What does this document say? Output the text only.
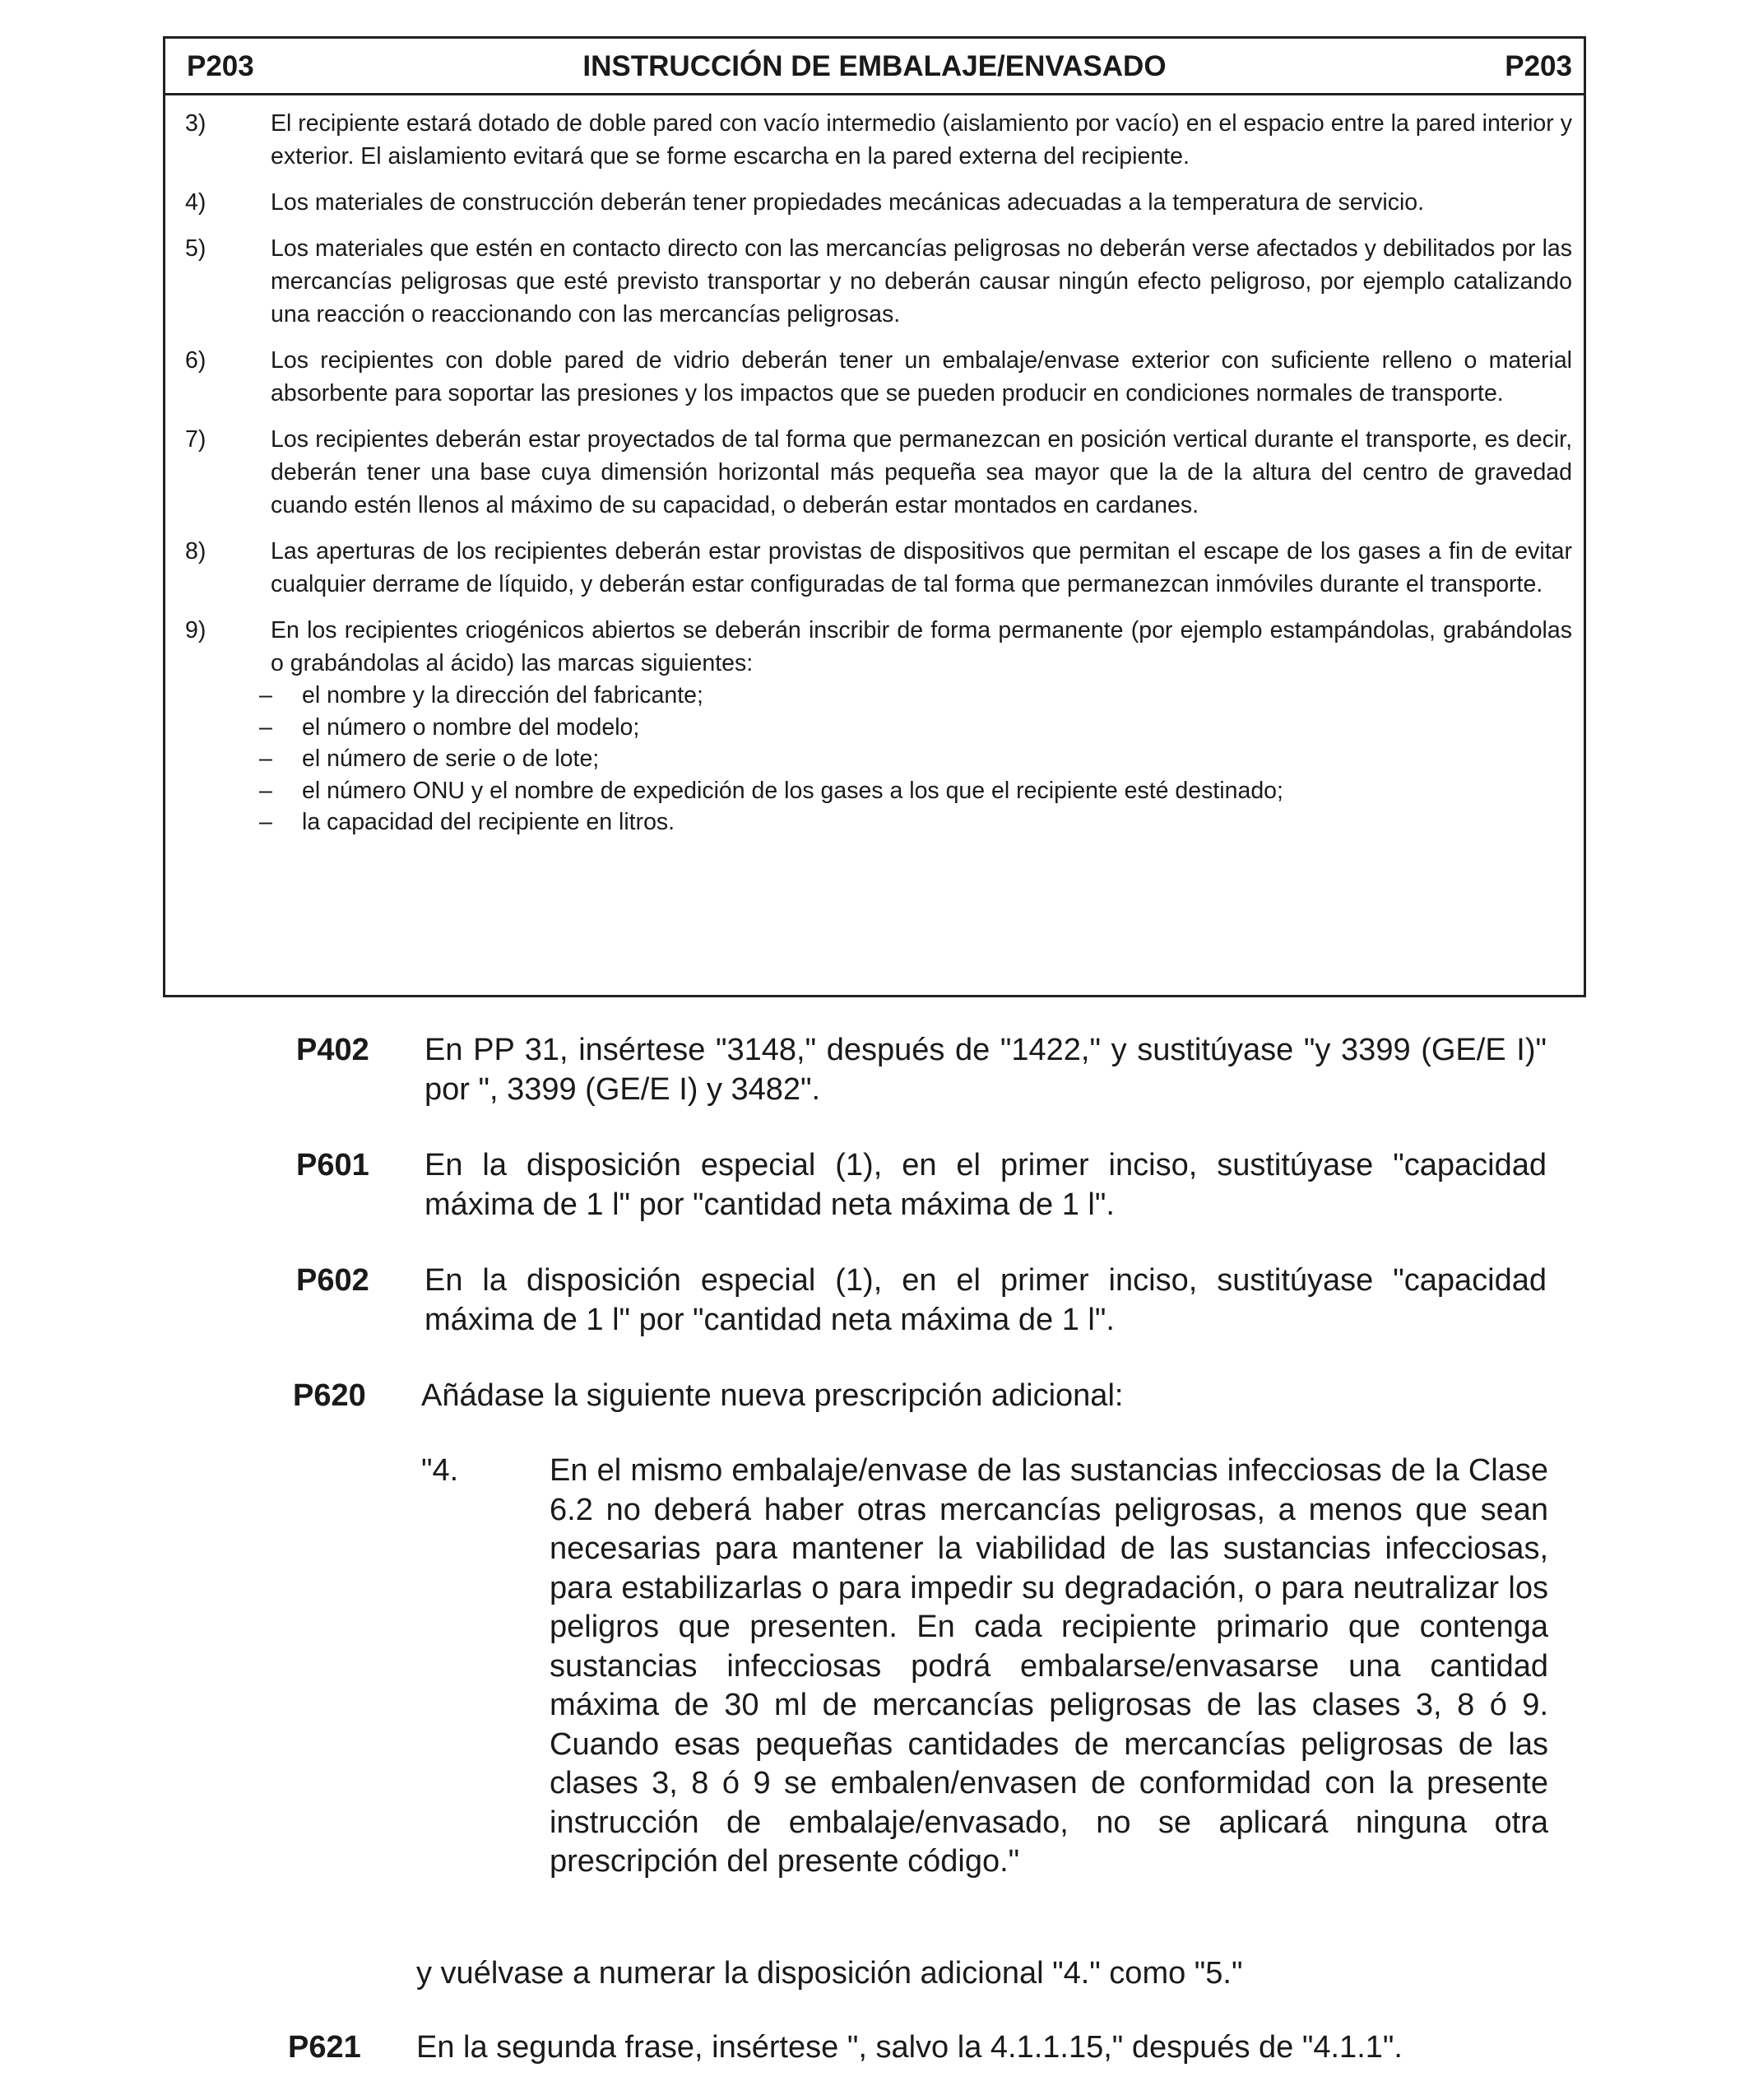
P203	INSTRUCCIÓN DE EMBALAJE/ENVASADO	P203
3)	El recipiente estará dotado de doble pared con vacío intermedio (aislamiento por vacío) en el espacio entre la pared interior y exterior. El aislamiento evitará que se forme escarcha en la pared externa del recipiente.
4)	Los materiales de construcción deberán tener propiedades mecánicas adecuadas a la temperatura de servicio.
5)	Los materiales que estén en contacto directo con las mercancías peligrosas no deberán verse afectados y debilitados por las mercancías peligrosas que esté previsto transportar y no deberán causar ningún efecto peligroso, por ejemplo catalizando una reacción o reaccionando con las mercancías peligrosas.
6)	Los recipientes con doble pared de vidrio deberán tener un embalaje/envase exterior con suficiente relleno o material absorbente para soportar las presiones y los impactos que se pueden producir en condiciones normales de transporte.
7)	Los recipientes deberán estar proyectados de tal forma que permanezcan en posición vertical durante el transporte, es decir, deberán tener una base cuya dimensión horizontal más pequeña sea mayor que la de la altura del centro de gravedad cuando estén llenos al máximo de su capacidad, o deberán estar montados en cardanes.
8)	Las aperturas de los recipientes deberán estar provistas de dispositivos que permitan el escape de los gases a fin de evitar cualquier derrame de líquido, y deberán estar configuradas de tal forma que permanezcan inmóviles durante el transporte.
9)	En los recipientes criogénicos abiertos se deberán inscribir de forma permanente (por ejemplo estampándolas, grabándolas o grabándolas al ácido) las marcas siguientes:
–	el nombre y la dirección del fabricante;
–	el número o nombre del modelo;
–	el número de serie o de lote;
–	el número ONU y el nombre de expedición de los gases a los que el recipiente esté destinado;
–	la capacidad del recipiente en litros.
P402	En PP 31, insértese "3148," después de "1422," y sustitúyase "y 3399 (GE/E I)" por ", 3399 (GE/E I) y 3482".
P601	En la disposición especial (1), en el primer inciso, sustitúyase "capacidad máxima de 1 l" por "cantidad neta máxima de 1 l".
P602	En la disposición especial (1), en el primer inciso, sustitúyase "capacidad máxima de 1 l" por "cantidad neta máxima de 1 l".
P620	Añádase la siguiente nueva prescripción adicional:
"4.	En el mismo embalaje/envase de las sustancias infecciosas de la Clase 6.2 no deberá haber otras mercancías peligrosas, a menos que sean necesarias para mantener la viabilidad de las sustancias infecciosas, para estabilizarlas o para impedir su degradación, o para neutralizar los peligros que presenten. En cada recipiente primario que contenga sustancias infecciosas podrá embalarse/envasarse una cantidad máxima de 30 ml de mercancías peligrosas de las clases 3, 8 ó 9. Cuando esas pequeñas cantidades de mercancías peligrosas de las clases 3, 8 ó 9 se embalen/envasen de conformidad con la presente instrucción de embalaje/envasado, no se aplicará ninguna otra prescripción del presente código."
y vuélvase a numerar la disposición adicional "4." como "5."
P621	En la segunda frase, insértese ", salvo la 4.1.1.15," después de "4.1.1".
